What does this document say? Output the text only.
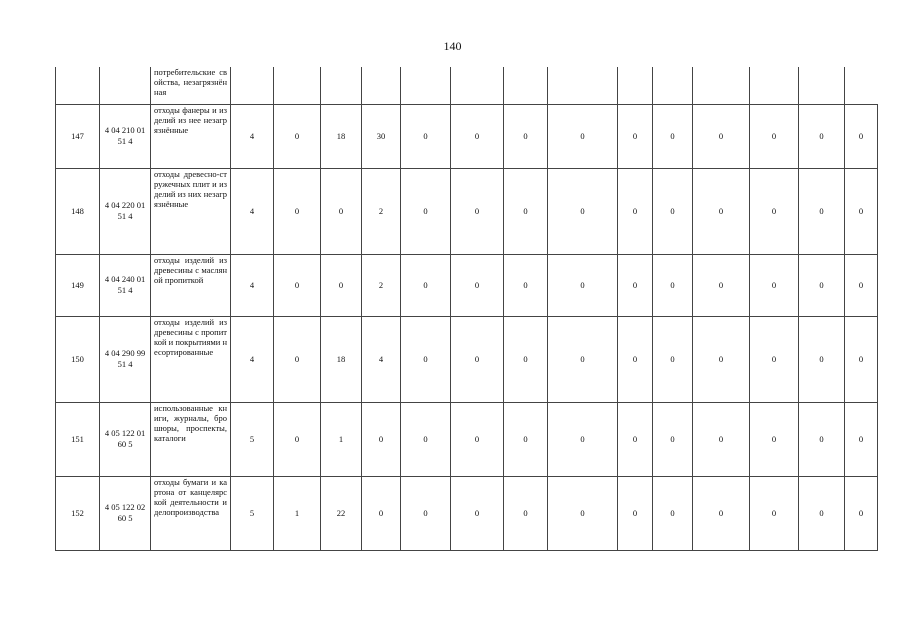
140
		потребительские свойства, незагрязнённая														
147	4 04 210 01 51 4	отходы фанеры и изделий из нее незагрязнённые	4	0	18	30	0	0	0	0	0	0	0	0	0	0
148	4 04 220 01 51 4	отходы древесно-стружечных плит и изделий из них незагрязнённые	4	0	0	2	0	0	0	0	0	0	0	0	0	0
149	4 04 240 01 51 4	отходы изделий из древесины с масляной пропиткой	4	0	0	2	0	0	0	0	0	0	0	0	0	0
150	4 04 290 99 51 4	отходы изделий из древесины с пропиткой и покрытиями несортированные	4	0	18	4	0	0	0	0	0	0	0	0	0	0
151	4 05 122 01 60 5	использованные книги, журналы, брошюры, проспекты, каталоги	5	0	1	0	0	0	0	0	0	0	0	0	0	0
152	4 05 122 02 60 5	отходы бумаги и картона от канцелярской деятельности и делопроизводства	5	1	22	0	0	0	0	0	0	0	0	0	0	0
